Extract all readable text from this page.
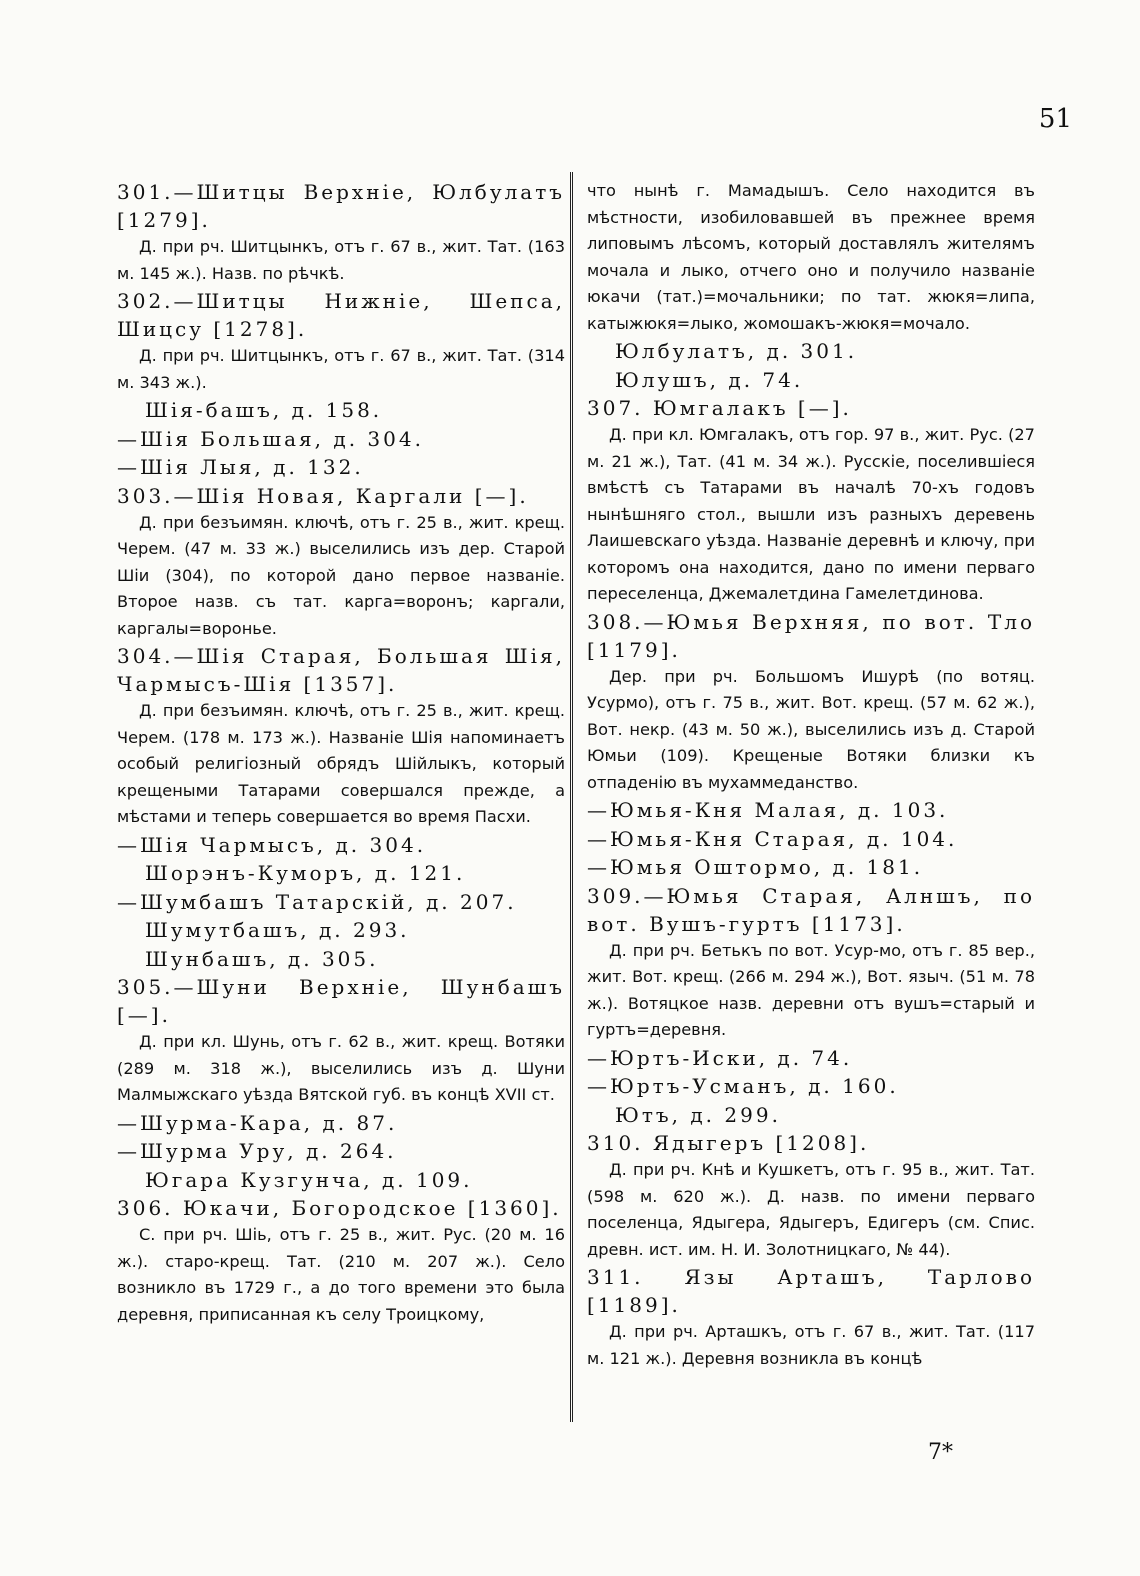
51

301.—Шитцы Верхніе, Юлбулатъ [1279].

Д. при рч. Шитцынкъ, отъ г. 67 в., жит. Тат. (163 м. 145 ж.). Назв. по рѣчкѣ.

302.—Шитцы Нижніе, Шепса, Шицсу [1278].

Д. при рч. Шитцынкъ, отъ г. 67 в., жит. Тат. (314 м. 343 ж.).

Шія-башъ, д. 158.

—Шія Большая, д. 304.

—Шія Лыя, д. 132.

303.—Шія Новая, Каргали [—].

Д. при безъимян. ключѣ, отъ г. 25 в., жит. крещ. Черем. (47 м. 33 ж.) выселились изъ дер. Старой Шіи (304), по которой дано первое названіе. Второе назв. съ тат. карга=воронъ; каргали, каргалы=воронье.

304.—Шія Старая, Большая Шія, Чармысъ-Шія [1357].

Д. при безъимян. ключѣ, отъ г. 25 в., жит. крещ. Черем. (178 м. 173 ж.). Названіе Шія напоминаетъ особый религіозный обрядъ Шійлыкъ, который крещеными Татарами совершался прежде, а мѣстами и теперь совершается во время Пасхи.

—Шія Чармысъ, д. 304.

Шорэнъ-Куморъ, д. 121.

—Шумбашъ Татарскій, д. 207.

Шумутбашъ, д. 293.

Шунбашъ, д. 305.

305.—Шуни Верхніе, Шунбашъ [—].

Д. при кл. Шунь, отъ г. 62 в., жит. крещ. Вотяки (289 м. 318 ж.), выселились изъ д. Шуни Малмыжскаго уѣзда Вятской губ. въ концѣ XVII ст.

—Шурма-Кара, д. 87.

—Шурма Уру, д. 264.

Югара Кузгунча, д. 109.

306. Юкачи, Богородское [1360].

С. при рч. Шіь, отъ г. 25 в., жит. Рус. (20 м. 16 ж.). старо-крещ. Тат. (210 м. 207 ж.). Село возникло въ 1729 г., а до того времени это была деревня, приписанная къ селу Троицкому,

что нынѣ г. Мамадышъ. Село находится въ мѣстности, изобиловавшей въ прежнее время липовымъ лѣсомъ, который доставлялъ жителямъ мочала и лыко, отчего оно и получило названіе юкачи (тат.)=мочальники; по тат. жюкя=липа, катыжюкя=лыко, жомошакъ-жюкя=мочало.

Юлбулатъ, д. 301.

Юлушъ, д. 74.

307. Юмгалакъ [—].

Д. при кл. Юмгалакъ, отъ гор. 97 в., жит. Рус. (27 м. 21 ж.), Тат. (41 м. 34 ж.). Русскіе, поселившіеся вмѣстѣ съ Татарами въ началѣ 70-хъ годовъ нынѣшняго стол., вышли изъ разныхъ деревень Лаишевскаго уѣзда. Названіе деревнѣ и ключу, при которомъ она находится, дано по имени перваго переселенца, Джемалетдина Гамелетдинова.

308.—Юмья Верхняя, по вот. Тло [1179].

Дер. при рч. Большомъ Ишурѣ (по вотяц. Усурмо), отъ г. 75 в., жит. Вот. крещ. (57 м. 62 ж.), Вот. некр. (43 м. 50 ж.), выселились изъ д. Старой Юмьи (109). Крещеные Вотяки близки къ отпаденію въ мухаммеданство.

—Юмья-Кня Малая, д. 103.

—Юмья-Кня Старая, д. 104.

—Юмья Оштормо, д. 181.

309.—Юмья Старая, Алншъ, по вот. Вушъ-гуртъ [1173].

Д. при рч. Бетькъ по вот. Усур-мо, отъ г. 85 вер., жит. Вот. крещ. (266 м. 294 ж.), Вот. языч. (51 м. 78 ж.). Вотяцкое назв. деревни отъ вушъ=старый и гуртъ=деревня.

—Юртъ-Иски, д. 74.

—Юртъ-Усманъ, д. 160.

Ютъ, д. 299.

310. Ядыгеръ [1208].

Д. при рч. Кнѣ и Кушкетъ, отъ г. 95 в., жит. Тат. (598 м. 620 ж.). Д. назв. по имени перваго поселенца, Ядыгера, Ядыгеръ, Едигеръ (см. Спис. древн. ист. им. Н. И. Золотницкаго, № 44).

311. Язы Арташъ, Тарлово [1189].

Д. при рч. Арташкъ, отъ г. 67 в., жит. Тат. (117 м. 121 ж.). Деревня возникла въ концѣ

7*
